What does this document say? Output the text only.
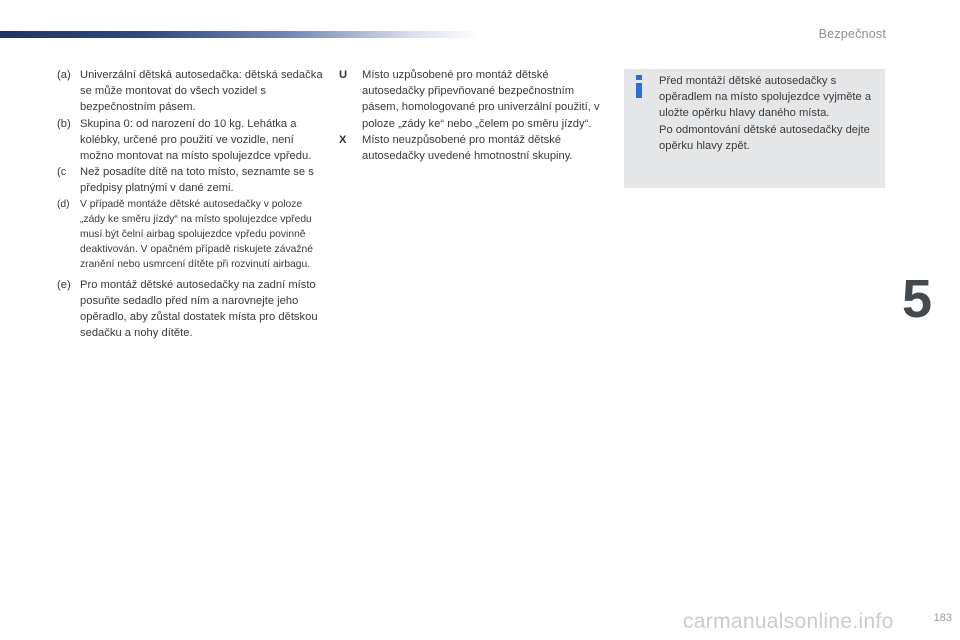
Bezpečnost
(a) Univerzální dětská autosedačka: dětská sedačka se může montovat do všech vozidel s bezpečnostním pásem.
(b) Skupina 0: od narození do 10 kg. Lehátka a kolébky, určené pro použití ve vozidle, není možno montovat na místo spolujezdce vpředu.
(c	Než posadíte dítě na toto místo, seznamte se s předpisy platnými v dané zemi.
(d)	V případě montáže dětské autosedačky v poloze „zády ke směru jízdy“ na místo spolujezdce vpředu musí být čelní airbag spolujezdce vpředu povinně deaktivován. V opačném případě riskujete závažné zranění nebo usmrcení dítěte při rozvinutí airbagu.
(e) Pro montáž dětské autosedačky na zadní místo posuňte sedadlo před ním a narovnejte jeho opěradlo, aby zůstal dostatek místa pro dětskou sedačku a nohy dítěte.
U	Místo uzpůsobené pro montáž dětské autosedačky připevňované bezpečnostním pásem, homologované pro univerzální použití, v poloze „zády ke“ nebo „čelem po směru jízdy“.
X	Místo neuzpůsobené pro montáž dětské autosedačky uvedené hmotnostní skupiny.

Před montáží dětské autosedačky s opěradlem na místo spolujezdce vyjměte a uložte opěrku hlavy daného místa.

Po odmontování dětské autosedačky dejte opěrku hlavy zpět.

5
carmanualsonline.info	183
